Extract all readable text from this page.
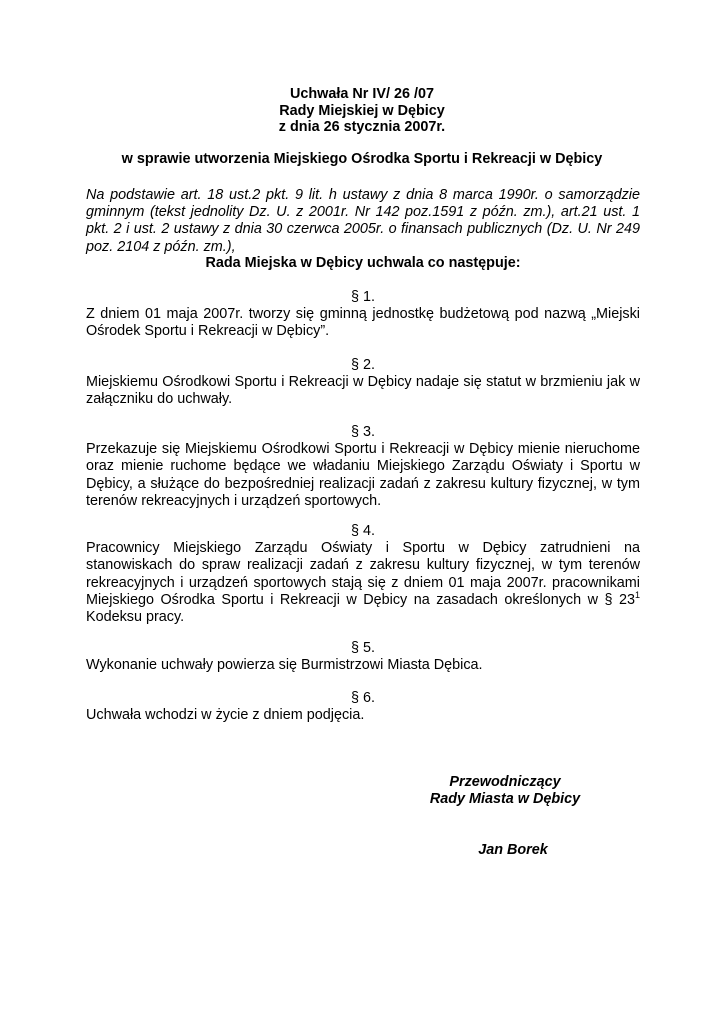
Uchwała Nr IV/ 26 /07
Rady Miejskiej w Dębicy
z dnia 26 stycznia 2007r.
w sprawie utworzenia Miejskiego Ośrodka Sportu i Rekreacji w Dębicy
Na podstawie art. 18 ust.2 pkt. 9 lit. h ustawy z dnia 8 marca 1990r. o samorządzie gminnym (tekst jednolity Dz. U. z 2001r. Nr 142 poz.1591 z późn. zm.), art.21 ust. 1 pkt. 2 i ust. 2 ustawy z dnia 30 czerwca 2005r. o finansach publicznych (Dz. U. Nr 249 poz. 2104 z późn. zm.),
Rada Miejska w Dębicy uchwala co następuje:
§ 1.
Z dniem 01 maja 2007r. tworzy się gminną jednostkę budżetową pod nazwą „Miejski Ośrodek Sportu i Rekreacji w Dębicy”.
§ 2.
Miejskiemu Ośrodkowi Sportu i Rekreacji w Dębicy nadaje się statut w brzmieniu jak w załączniku do uchwały.
§ 3.
Przekazuje się Miejskiemu Ośrodkowi Sportu i Rekreacji w Dębicy mienie nieruchome oraz mienie ruchome będące we władaniu Miejskiego Zarządu Oświaty i Sportu w Dębicy, a służące do bezpośredniej realizacji zadań z zakresu kultury fizycznej, w tym terenów rekreacyjnych i urządzeń sportowych.
§ 4.
Pracownicy Miejskiego Zarządu Oświaty i Sportu w Dębicy zatrudnieni na stanowiskach do spraw realizacji zadań z zakresu kultury fizycznej, w tym terenów rekreacyjnych i urządzeń sportowych stają się z dniem 01 maja 2007r. pracownikami Miejskiego Ośrodka Sportu i Rekreacji w Dębicy na zasadach określonych w § $23^1$ Kodeksu pracy.
§ 5.
Wykonanie uchwały powierza się Burmistrzowi Miasta Dębica.
§ 6.
Uchwała wchodzi w życie z dniem podjęcia.
Przewodniczący
Rady Miasta w Dębicy
Jan Borek
